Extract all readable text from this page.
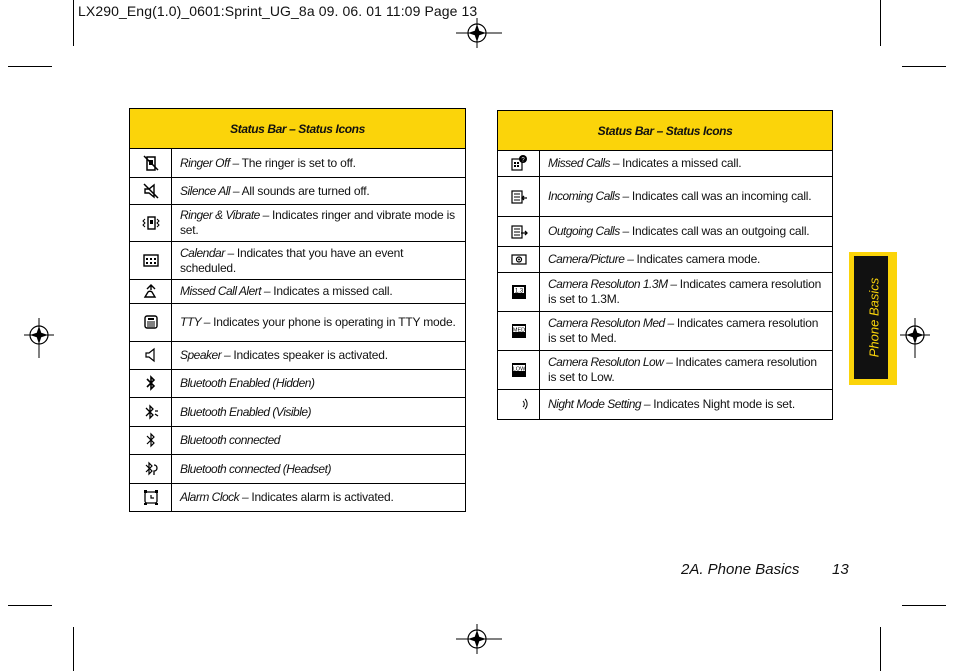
LX290_Eng(1.0)_0601:Sprint_UG_8a 09. 06. 01 11:09 Page 13
Status Bar – Status Icons	
	Ringer Off – The ringer is set to off.
	Silence All – All sounds are turned off.
	Ringer & Vibrate – Indicates ringer and vibrate mode is set.
	Calendar – Indicates that you have an event scheduled.
	Missed Call Alert – Indicates a missed call.
	TTY – Indicates your phone is operating in TTY mode.
	Speaker – Indicates speaker is activated.
	Bluetooth Enabled (Hidden)
	Bluetooth Enabled (Visible)
	Bluetooth connected
	Bluetooth connected (Headset)
	Alarm Clock – Indicates alarm is activated.
Status Bar – Status Icons	

?	Missed Calls – Indicates a missed call.
	Incoming Calls – Indicates call was an incoming call.
	Outgoing Calls – Indicates call was an outgoing call.
	Camera/Picture – Indicates camera mode.

1.3	Camera Resoluton 1.3M – Indicates camera resolution is set to 1.3M.

MED	Camera Resoluton Med – Indicates camera resolution is set to Med.

LOW	Camera Resoluton Low – Indicates camera resolution is set to Low.
	Night Mode Setting – Indicates Night mode is set.
Phone Basics
2A. Phone Basics 13
